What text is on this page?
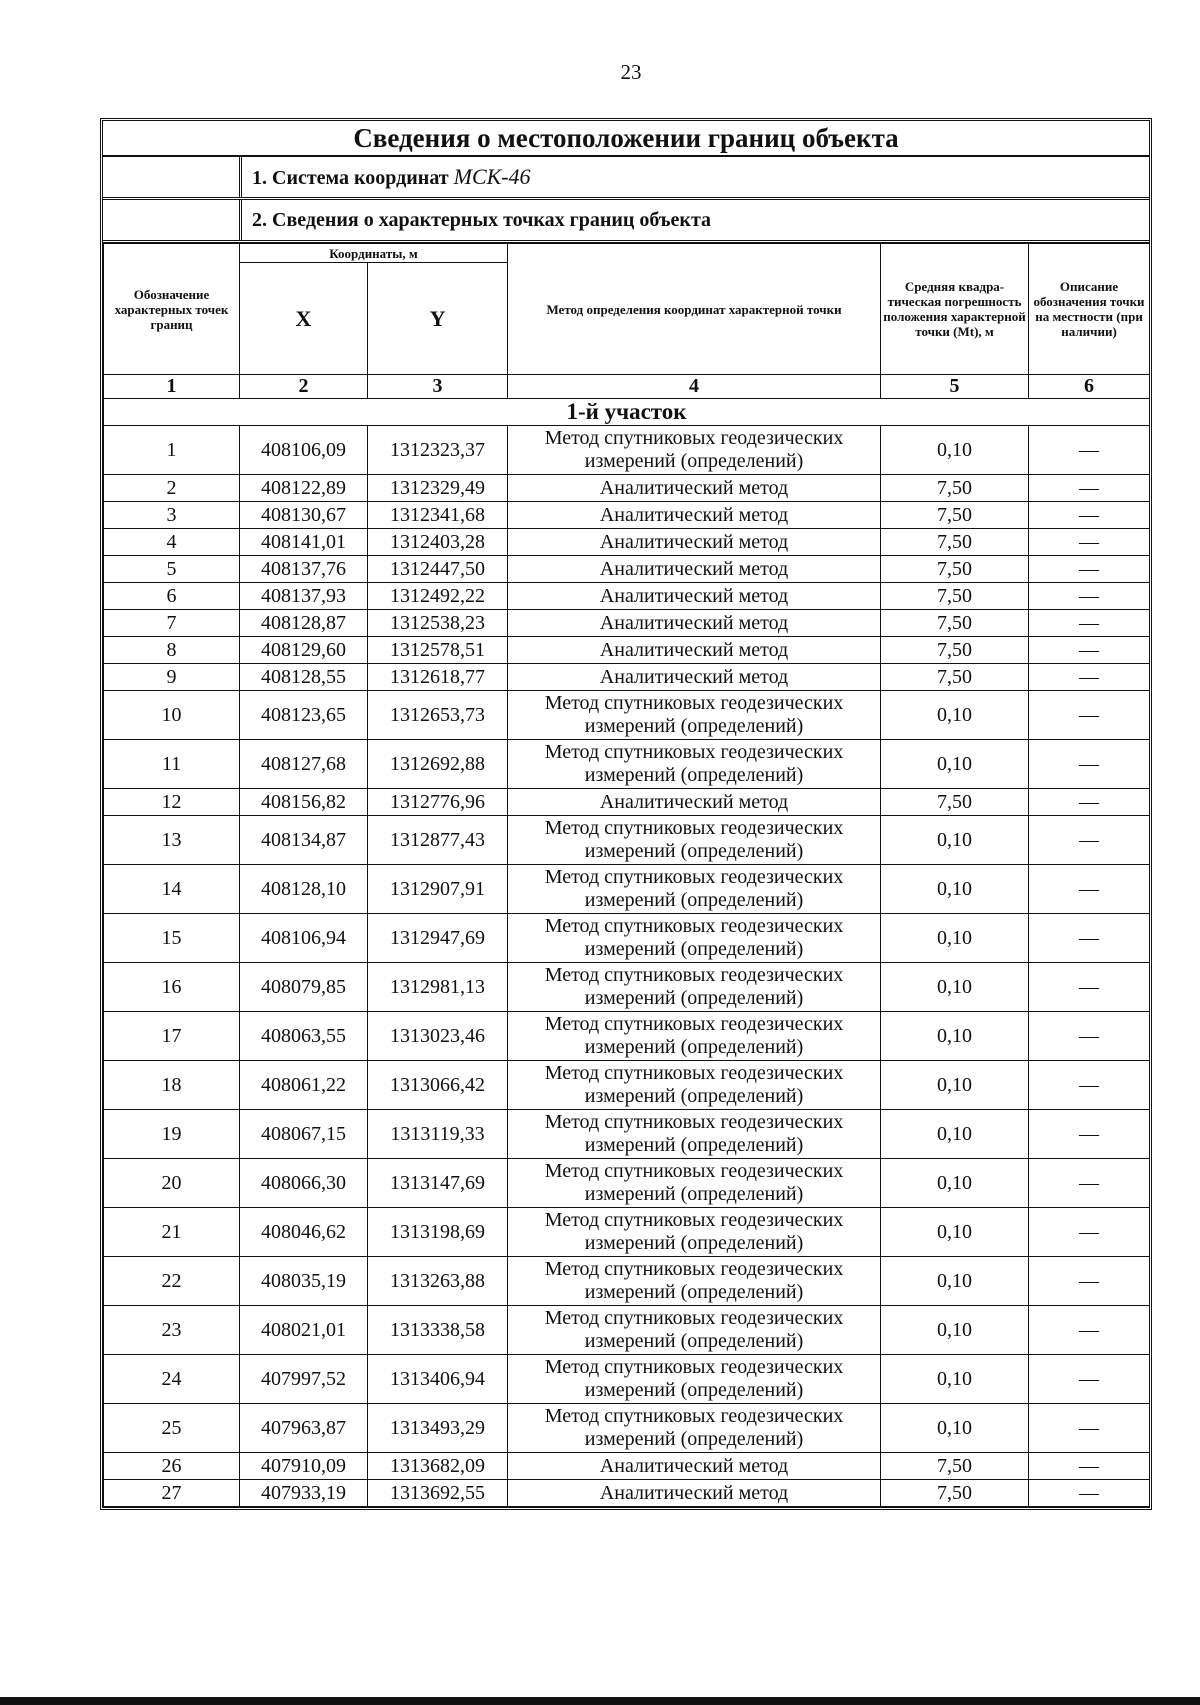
23
Сведения о местоположении границ объекта
1. Система координат МСК-46
2. Сведения о характерных точках границ объекта
Обозначение характерных точек границ	Координаты, м		Метод определения координат характерной точки	Средняя квадра-тическая погрешность положения характерной точки (Mt), м	Описание обозначения точки на местности (при наличии)
	X	Y			
1	2	3	4	5	6
1-й участок					
1	408106,09	1312323,37	Метод спутниковых геодезических измерений (определений)	0,10	—
2	408122,89	1312329,49	Аналитический метод	7,50	—
3	408130,67	1312341,68	Аналитический метод	7,50	—
4	408141,01	1312403,28	Аналитический метод	7,50	—
5	408137,76	1312447,50	Аналитический метод	7,50	—
6	408137,93	1312492,22	Аналитический метод	7,50	—
7	408128,87	1312538,23	Аналитический метод	7,50	—
8	408129,60	1312578,51	Аналитический метод	7,50	—
9	408128,55	1312618,77	Аналитический метод	7,50	—
10	408123,65	1312653,73	Метод спутниковых геодезических измерений (определений)	0,10	—
11	408127,68	1312692,88	Метод спутниковых геодезических измерений (определений)	0,10	—
12	408156,82	1312776,96	Аналитический метод	7,50	—
13	408134,87	1312877,43	Метод спутниковых геодезических измерений (определений)	0,10	—
14	408128,10	1312907,91	Метод спутниковых геодезических измерений (определений)	0,10	—
15	408106,94	1312947,69	Метод спутниковых геодезических измерений (определений)	0,10	—
16	408079,85	1312981,13	Метод спутниковых геодезических измерений (определений)	0,10	—
17	408063,55	1313023,46	Метод спутниковых геодезических измерений (определений)	0,10	—
18	408061,22	1313066,42	Метод спутниковых геодезических измерений (определений)	0,10	—
19	408067,15	1313119,33	Метод спутниковых геодезических измерений (определений)	0,10	—
20	408066,30	1313147,69	Метод спутниковых геодезических измерений (определений)	0,10	—
21	408046,62	1313198,69	Метод спутниковых геодезических измерений (определений)	0,10	—
22	408035,19	1313263,88	Метод спутниковых геодезических измерений (определений)	0,10	—
23	408021,01	1313338,58	Метод спутниковых геодезических измерений (определений)	0,10	—
24	407997,52	1313406,94	Метод спутниковых геодезических измерений (определений)	0,10	—
25	407963,87	1313493,29	Метод спутниковых геодезических измерений (определений)	0,10	—
26	407910,09	1313682,09	Аналитический метод	7,50	—
27	407933,19	1313692,55	Аналитический метод	7,50	—
